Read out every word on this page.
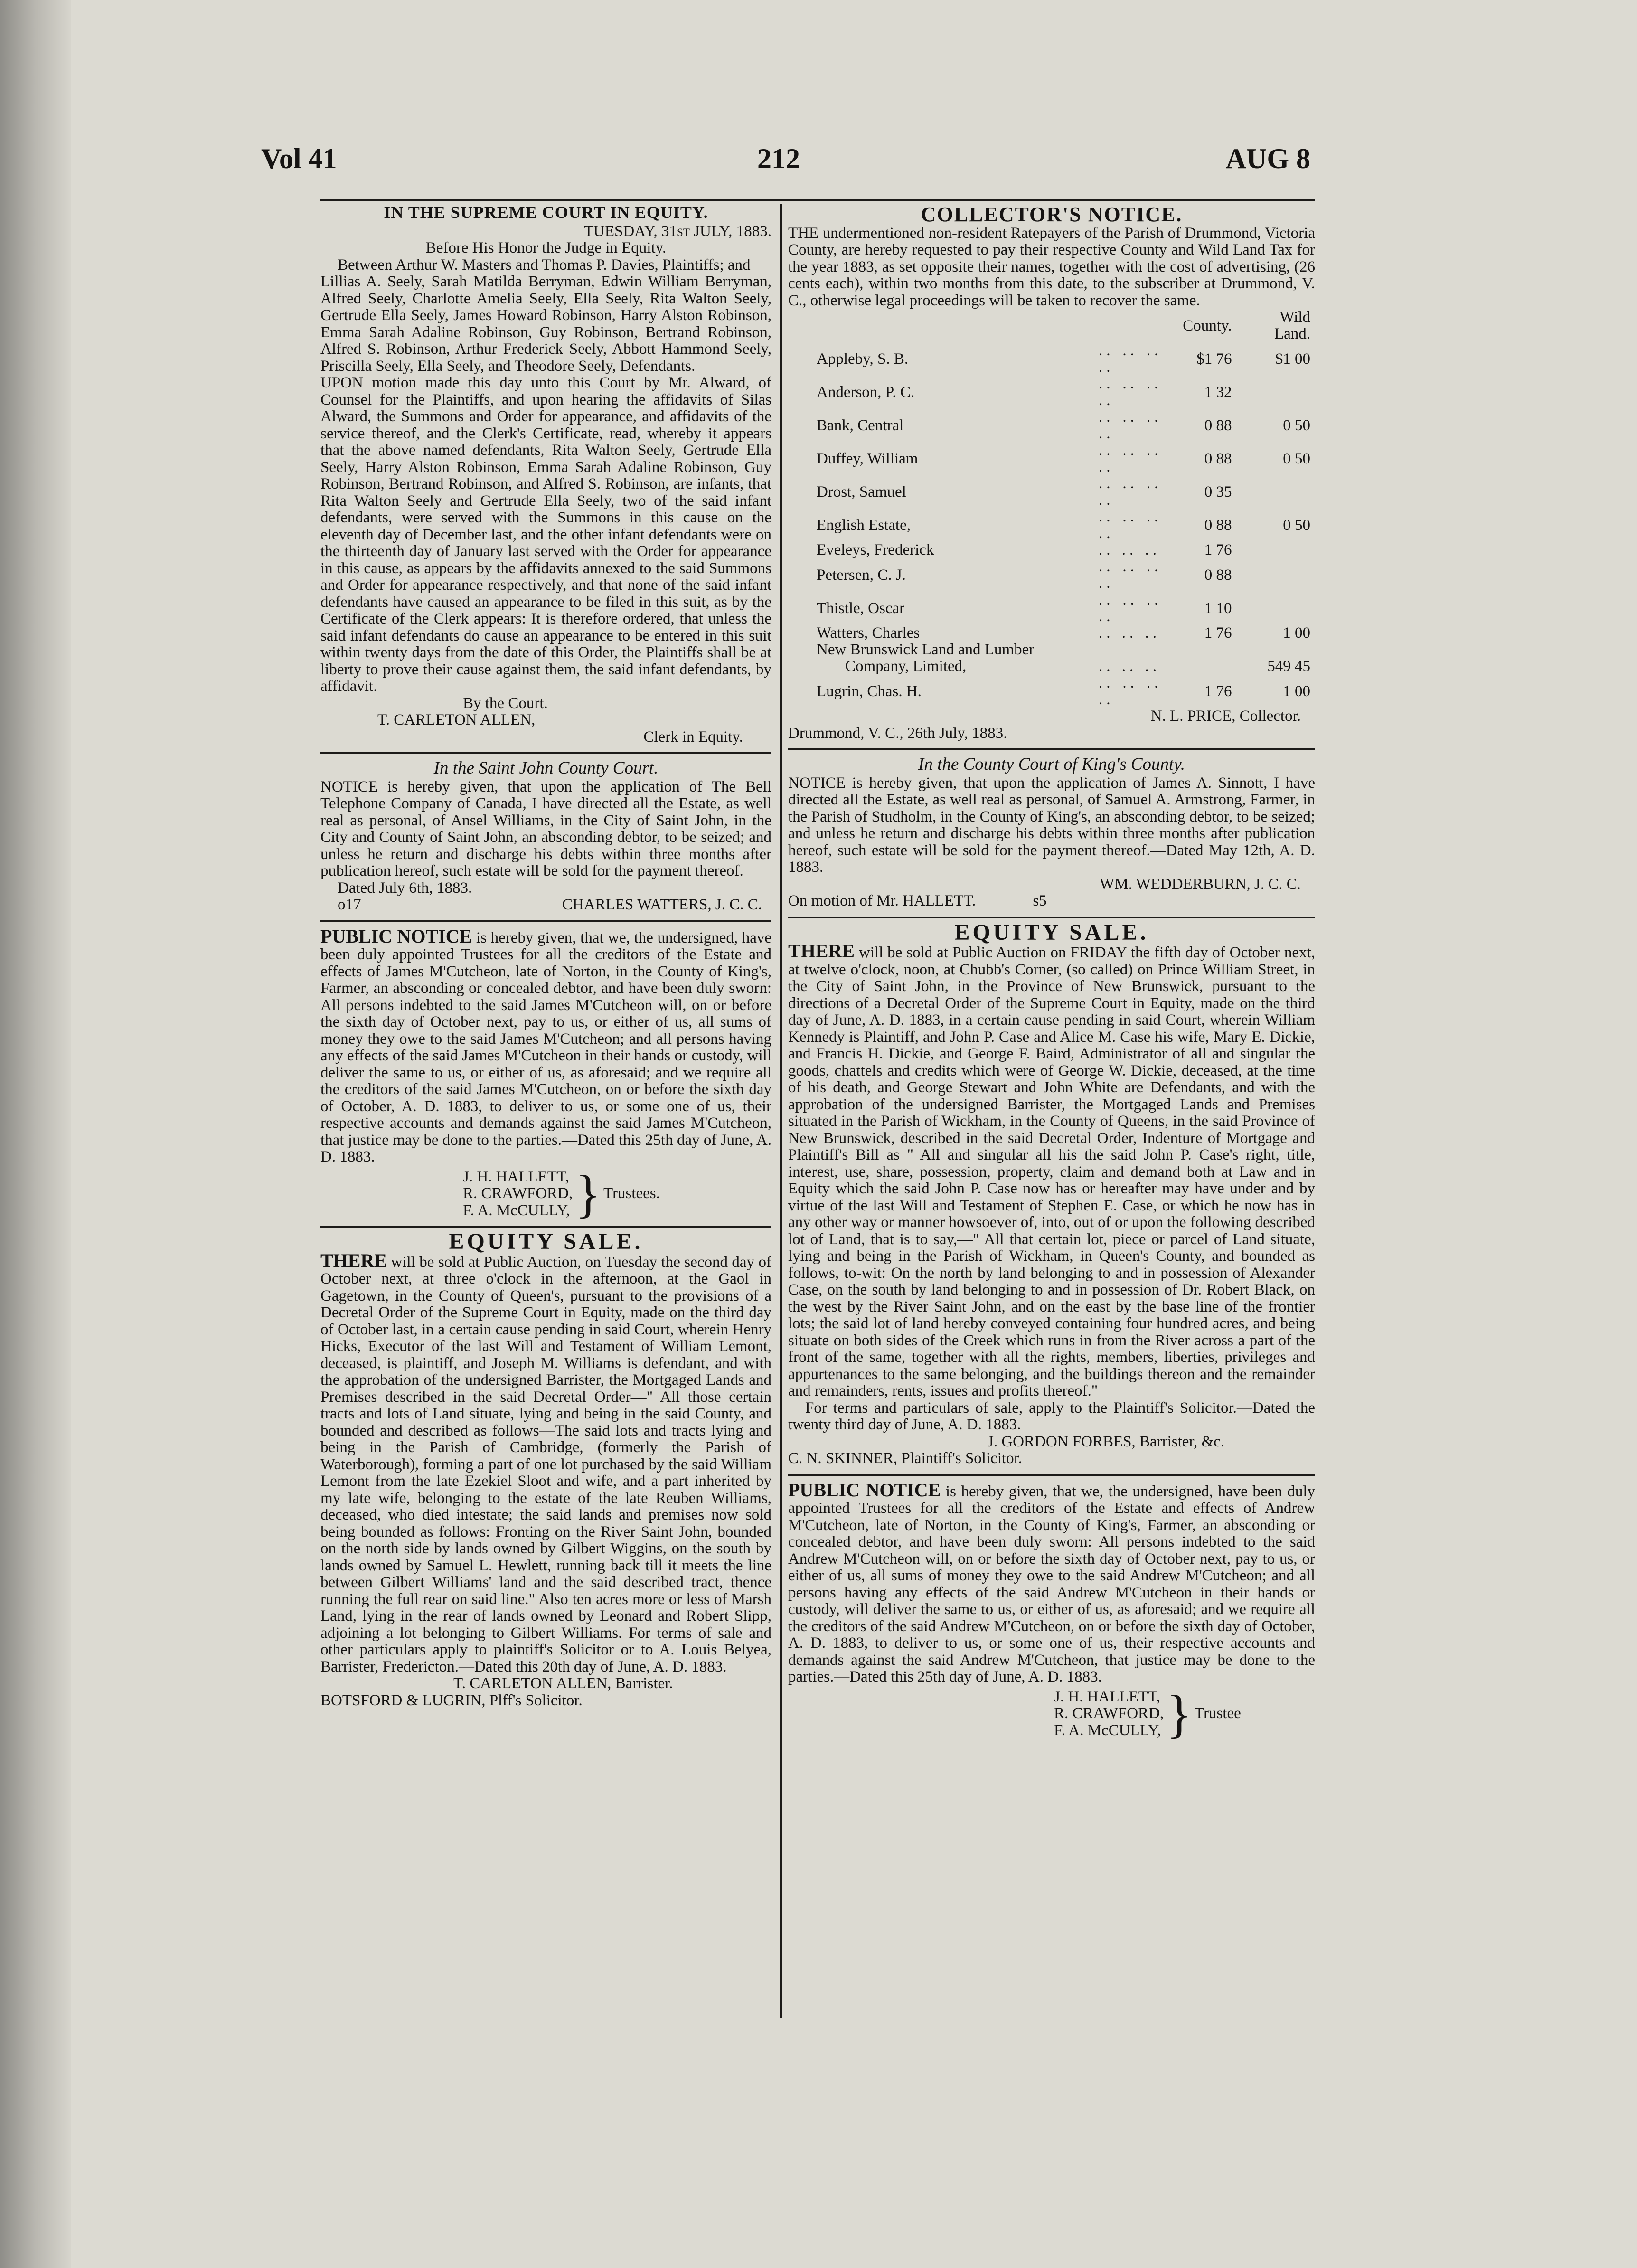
Vol 41	212	AUG 8

IN THE SUPREME COURT IN EQUITY.

TUESDAY, 31st JULY, 1883.

Before His Honor the Judge in Equity.

Between Arthur W. Masters and Thomas P. Davies, Plaintiffs; and

Lillias A. Seely, Sarah Matilda Berryman, Edwin William Berryman, Alfred Seely, Charlotte Amelia Seely, Ella Seely, Rita Walton Seely, Gertrude Ella Seely, James Howard Robinson, Harry Alston Robinson, Emma Sarah Adaline Robinson, Guy Robinson, Bertrand Robinson, Alfred S. Robinson, Arthur Frederick Seely, Abbott Hammond Seely, Priscilla Seely, Ella Seely, and Theodore Seely, Defendants.

UPON motion made this day unto this Court by Mr. Alward, of Counsel for the Plaintiffs, and upon hearing the affidavits of Silas Alward, the Summons and Order for appearance, and affidavits of the service thereof, and the Clerk's Certificate, read, whereby it appears that the above named defendants, Rita Walton Seely, Gertrude Ella Seely, Harry Alston Robinson, Emma Sarah Adaline Robinson, Guy Robinson, Bertrand Robinson, and Alfred S. Robinson, are infants, that Rita Walton Seely and Gertrude Ella Seely, two of the said infant defendants, were served with the Summons in this cause on the eleventh day of December last, and the other infant defendants were on the thirteenth day of January last served with the Order for appearance in this cause, as appears by the affidavits annexed to the said Summons and Order for appearance respectively, and that none of the said infant defendants have caused an appearance to be filed in this suit, as by the Certificate of the Clerk appears: It is therefore ordered, that unless the said infant defendants do cause an appearance to be entered in this suit within twenty days from the date of this Order, the Plaintiffs shall be at liberty to prove their cause against them, the said infant defendants, by affidavit.

By the Court.

T. CARLETON ALLEN,

Clerk in Equity.

In the Saint John County Court.

NOTICE is hereby given, that upon the application of The Bell Telephone Company of Canada, I have directed all the Estate, as well real as personal, of Ansel Williams, in the City of Saint John, in the City and County of Saint John, an absconding debtor, to be seized; and unless he return and discharge his debts within three months after publication hereof, such estate will be sold for the payment thereof.

Dated July 6th, 1883.

o17	CHARLES WATTERS, J. C. C.

PUBLIC NOTICE is hereby given, that we, the undersigned, have been duly appointed Trustees for all the creditors of the Estate and effects of James M'Cutcheon, late of Norton, in the County of King's, Farmer, an absconding or concealed debtor, and have been duly sworn: All persons indebted to the said James M'Cutcheon will, on or before the sixth day of October next, pay to us, or either of us, all sums of money they owe to the said James M'Cutcheon; and all persons having any effects of the said James M'Cutcheon in their hands or custody, will deliver the same to us, or either of us, as aforesaid; and we require all the creditors of the said James M'Cutcheon, on or before the sixth day of October, A. D. 1883, to deliver to us, or some one of us, their respective accounts and demands against the said James M'Cutcheon, that justice may be done to the parties.—Dated this 25th day of June, A. D. 1883.

J. H. HALLETT,
R. CRAWFORD,
F. A. McCULLY, } Trustees.

EQUITY SALE.

THERE will be sold at Public Auction, on Tuesday the second day of October next, at three o'clock in the afternoon, at the Gaol in Gagetown, in the County of Queen's, pursuant to the provisions of a Decretal Order of the Supreme Court in Equity, made on the third day of October last, in a certain cause pending in said Court, wherein Henry Hicks, Executor of the last Will and Testament of William Lemont, deceased, is plaintiff, and Joseph M. Williams is defendant, and with the approbation of the undersigned Barrister, the Mortgaged Lands and Premises described in the said Decretal Order—" All those certain tracts and lots of Land situate, lying and being in the said County, and bounded and described as follows—The said lots and tracts lying and being in the Parish of Cambridge, (formerly the Parish of Waterborough), forming a part of one lot purchased by the said William Lemont from the late Ezekiel Sloot and wife, and a part inherited by my late wife, belonging to the estate of the late Reuben Williams, deceased, who died intestate; the said lands and premises now sold being bounded as follows: Fronting on the River Saint John, bounded on the north side by lands owned by Gilbert Wiggins, on the south by lands owned by Samuel L. Hewlett, running back till it meets the line between Gilbert Williams' land and the said described tract, thence running the full rear on said line." Also ten acres more or less of Marsh Land, lying in the rear of lands owned by Leonard and Robert Slipp, adjoining a lot belonging to Gilbert Williams. For terms of sale and other particulars apply to plaintiff's Solicitor or to A. Louis Belyea, Barrister, Fredericton.—Dated this 20th day of June, A. D. 1883.

T. CARLETON ALLEN, Barrister.

BOTSFORD & LUGRIN, Plff's Solicitor.

COLLECTOR'S NOTICE.

THE undermentioned non-resident Ratepayers of the Parish of Drummond, Victoria County, are hereby requested to pay their respective County and Wild Land Tax for the year 1883, as set opposite their names, together with the cost of advertising, (26 cents each), within two months from this date, to the subscriber at Drummond, V. C., otherwise legal proceedings will be taken to recover the same.

		County.	Wild Land.
Appleby, S. B.	.. .. .. ..	$1 76	$1 00
Anderson, P. C.	.. .. .. ..	1 32	
Bank, Central	.. .. .. ..	0 88	0 50
Duffey, William	.. .. .. ..	0 88	0 50
Drost, Samuel	.. .. .. ..	0 35	
English Estate,	.. .. .. ..	0 88	0 50
Eveleys, Frederick	.. .. ..	1 76	
Petersen, C. J.	.. .. .. ..	0 88	
Thistle, Oscar	.. .. .. ..	1 10	
Watters, Charles	.. .. ..	1 76	1 00
New Brunswick Land and Lumber			
Company, Limited,	.. .. ..		549 45
Lugrin, Chas. H.	.. .. .. ..	1 76	1 00

N. L. PRICE, Collector.

Drummond, V. C., 26th July, 1883.

In the County Court of King's County.

NOTICE is hereby given, that upon the application of James A. Sinnott, I have directed all the Estate, as well real as personal, of Samuel A. Armstrong, Farmer, in the Parish of Studholm, in the County of King's, an absconding debtor, to be seized; and unless he return and discharge his debts within three months after publication hereof, such estate will be sold for the payment thereof.—Dated May 12th, A. D. 1883.

WM. WEDDERBURN, J. C. C.

On motion of Mr. HALLETT.	s5

EQUITY SALE.

THERE will be sold at Public Auction on FRIDAY the fifth day of October next, at twelve o'clock, noon, at Chubb's Corner, (so called) on Prince William Street, in the City of Saint John, in the Province of New Brunswick, pursuant to the directions of a Decretal Order of the Supreme Court in Equity, made on the third day of June, A. D. 1883, in a certain cause pending in said Court, wherein William Kennedy is Plaintiff, and John P. Case and Alice M. Case his wife, Mary E. Dickie, and Francis H. Dickie, and George F. Baird, Administrator of all and singular the goods, chattels and credits which were of George W. Dickie, deceased, at the time of his death, and George Stewart and John White are Defendants, and with the approbation of the undersigned Barrister, the Mortgaged Lands and Premises situated in the Parish of Wickham, in the County of Queens, in the said Province of New Brunswick, described in the said Decretal Order, Indenture of Mortgage and Plaintiff's Bill as " All and singular all his the said John P. Case's right, title, interest, use, share, possession, property, claim and demand both at Law and in Equity which the said John P. Case now has or hereafter may have under and by virtue of the last Will and Testament of Stephen E. Case, or which he now has in any other way or manner howsoever of, into, out of or upon the following described lot of Land, that is to say,—" All that certain lot, piece or parcel of Land situate, lying and being in the Parish of Wickham, in Queen's County, and bounded as follows, to-wit: On the north by land belonging to and in possession of Alexander Case, on the south by land belonging to and in possession of Dr. Robert Black, on the west by the River Saint John, and on the east by the base line of the frontier lots; the said lot of land hereby conveyed containing four hundred acres, and being situate on both sides of the Creek which runs in from the River across a part of the front of the same, together with all the rights, members, liberties, privileges and appurtenances to the same belonging, and the buildings thereon and the remainder and remainders, rents, issues and profits thereof."

For terms and particulars of sale, apply to the Plaintiff's Solicitor.—Dated the twenty third day of June, A. D. 1883.

J. GORDON FORBES, Barrister, &c.

C. N. SKINNER, Plaintiff's Solicitor.

PUBLIC NOTICE is hereby given, that we, the undersigned, have been duly appointed Trustees for all the creditors of the Estate and effects of Andrew M'Cutcheon, late of Norton, in the County of King's, Farmer, an absconding or concealed debtor, and have been duly sworn: All persons indebted to the said Andrew M'Cutcheon will, on or before the sixth day of October next, pay to us, or either of us, all sums of money they owe to the said Andrew M'Cutcheon; and all persons having any effects of the said Andrew M'Cutcheon in their hands or custody, will deliver the same to us, or either of us, as aforesaid; and we require all the creditors of the said Andrew M'Cutcheon, on or before the sixth day of October, A. D. 1883, to deliver to us, or some one of us, their respective accounts and demands against the said Andrew M'Cutcheon, that justice may be done to the parties.—Dated this 25th day of June, A. D. 1883.

J. H. HALLETT,
R. CRAWFORD,
F. A. McCULLY, } Trustee
